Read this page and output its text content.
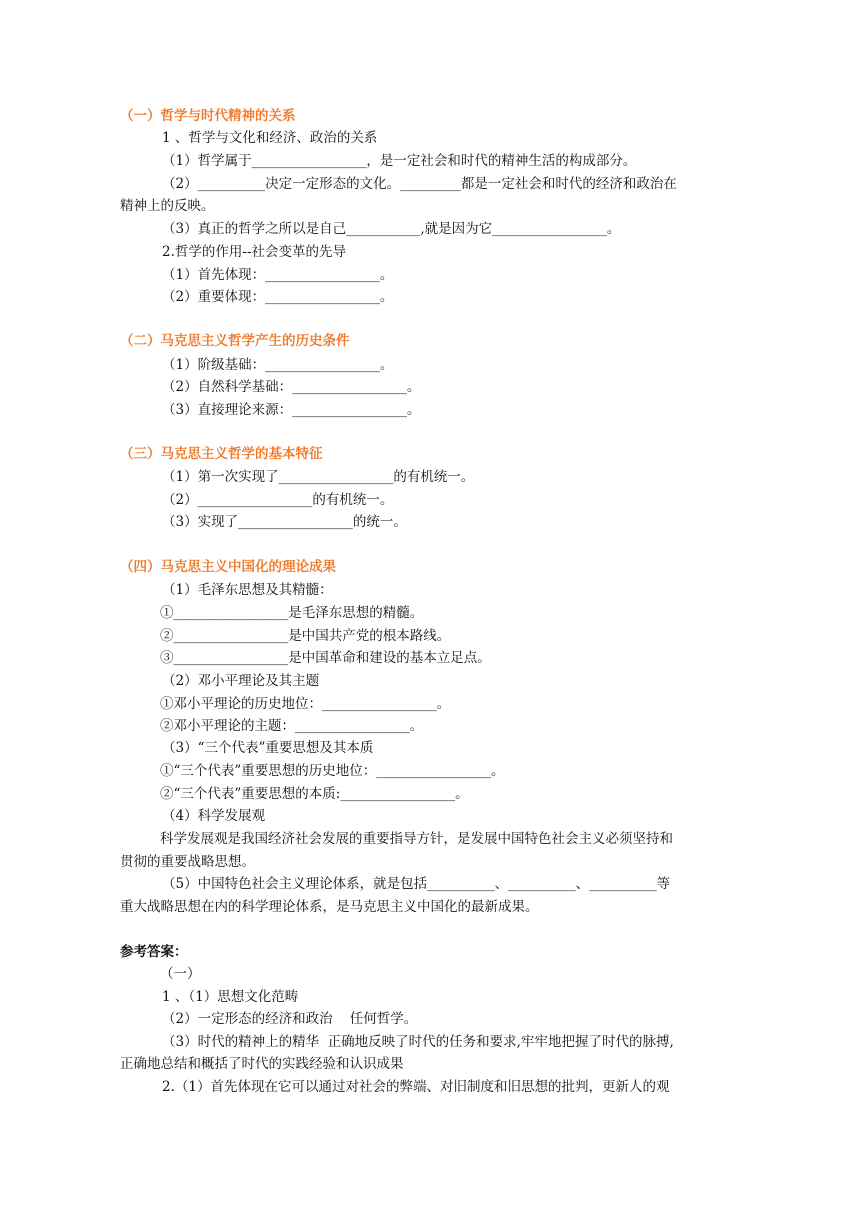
（一）哲学与时代精神的关系
1 、哲学与文化和经济、政治的关系
（1）哲学属于_________________，是一定社会和时代的精神生活的构成部分。
（2）__________决定一定形态的文化。_________都是一定社会和时代的经济和政治在
精神上的反映。
（3）真正的哲学之所以是自己___________,就是因为它_________________。
2.哲学的作用--社会变革的先导
（1）首先体现：_________________。
（2）重要体现：_________________。
（二）马克思主义哲学产生的历史条件
（1）阶级基础：_________________。
（2）自然科学基础：_________________。
（3）直接理论来源：_________________。
（三）马克思主义哲学的基本特征
（1）第一次实现了_________________的有机统一。
（2）_________________的有机统一。
（3）实现了_________________的统一。
（四）马克思主义中国化的理论成果
（1）毛泽东思想及其精髓：
①_________________是毛泽东思想的精髓。
②_________________是中国共产党的根本路线。
③_________________是中国革命和建设的基本立足点。
（2）邓小平理论及其主题
①邓小平理论的历史地位：_________________。
②邓小平理论的主题：_________________。
（3）“三个代表”重要思想及其本质
①“三个代表”重要思想的历史地位：_________________。
②“三个代表”重要思想的本质:_________________。
（4）科学发展观
科学发展观是我国经济社会发展的重要指导方针，是发展中国特色社会主义必须坚持和
贯彻的重要战略思想。
（5）中国特色社会主义理论体系，就是包括__________、__________、__________等
重大战略思想在内的科学理论体系，是马克思主义中国化的最新成果。
参考答案：
（一）
1 、（1）思想文化范畴
（2）一定形态的经济和政治    任何哲学。
（3）时代的精神上的精华  正确地反映了时代的任务和要求,牢牢地把握了时代的脉搏,
正确地总结和概括了时代的实践经验和认识成果
2.（1）首先体现在它可以通过对社会的弊端、对旧制度和旧思想的批判，更新人的观
